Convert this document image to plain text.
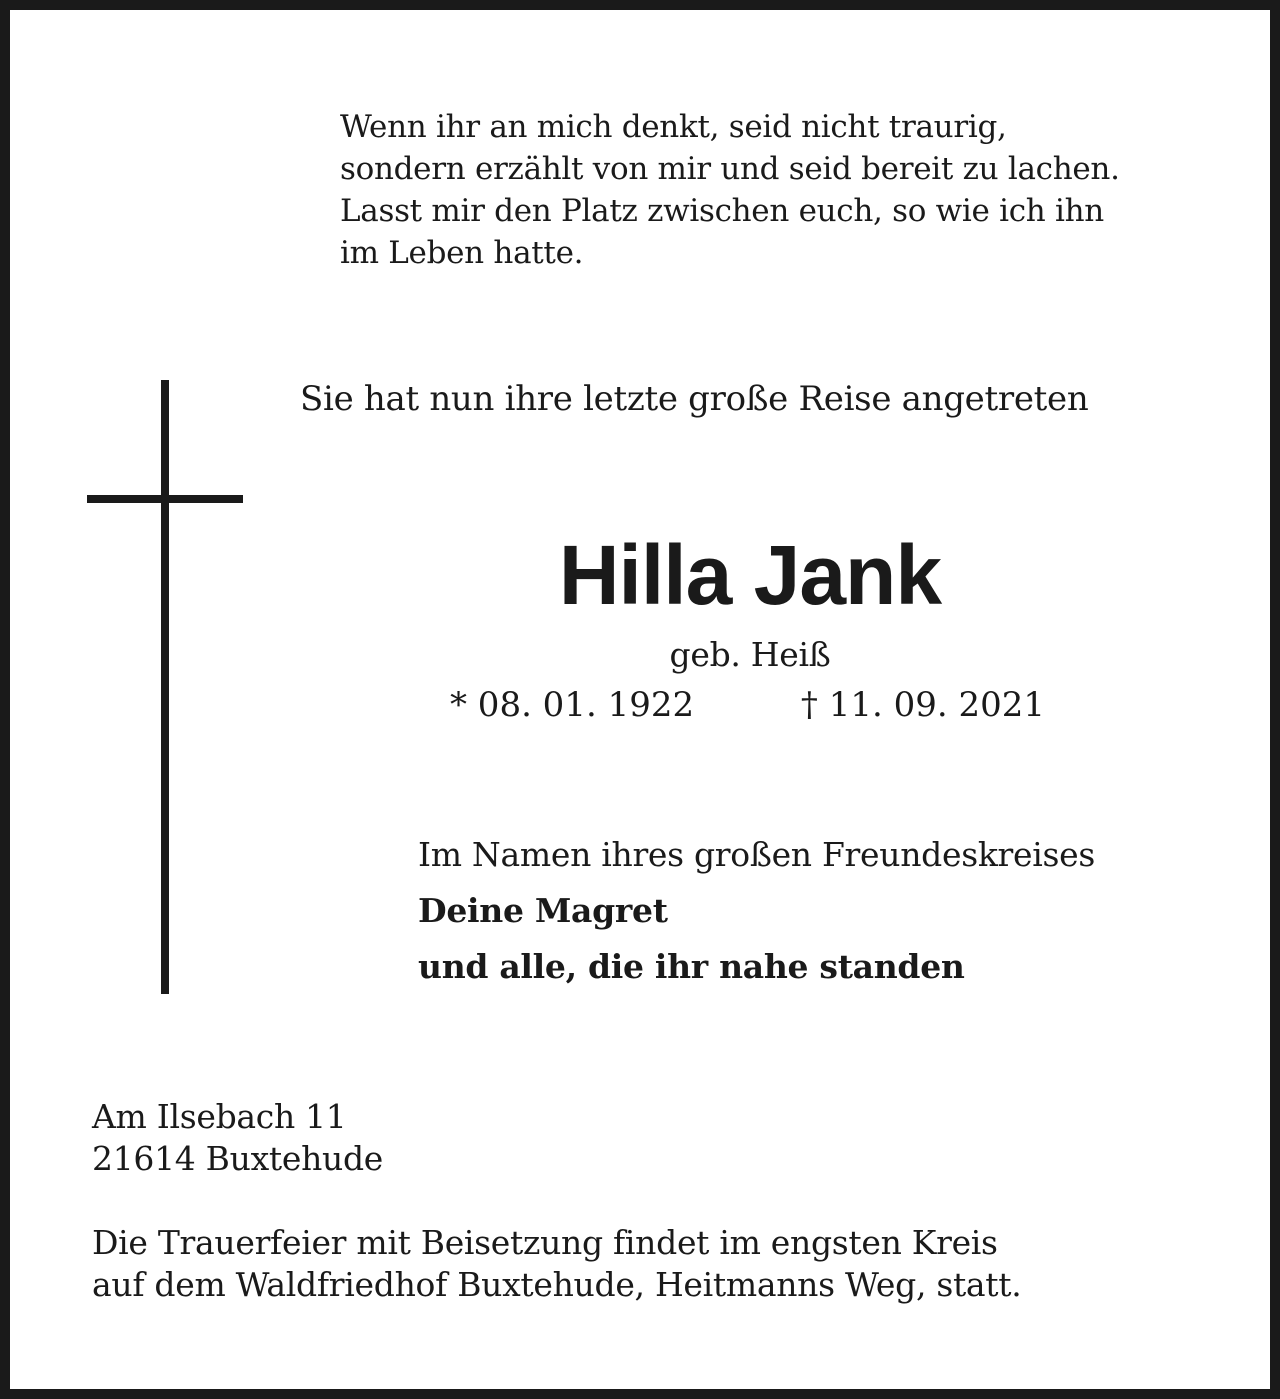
Wenn ihr an mich denkt, seid nicht traurig,
sondern erzählt von mir und seid bereit zu lachen.
Lasst mir den Platz zwischen euch, so wie ich ihn
im Leben hatte.
Sie hat nun ihre letzte große Reise angetreten
Hilla Jank
geb. Heiß
* 08. 01. 1922	† 11. 09. 2021
Im Namen ihres großen Freundeskreises
Deine Magret
und alle, die ihr nahe standen
Am Ilsebach 11
21614 Buxtehude
Die Trauerfeier mit Beisetzung findet im engsten Kreis
auf dem Waldfriedhof Buxtehude, Heitmanns Weg, statt.
